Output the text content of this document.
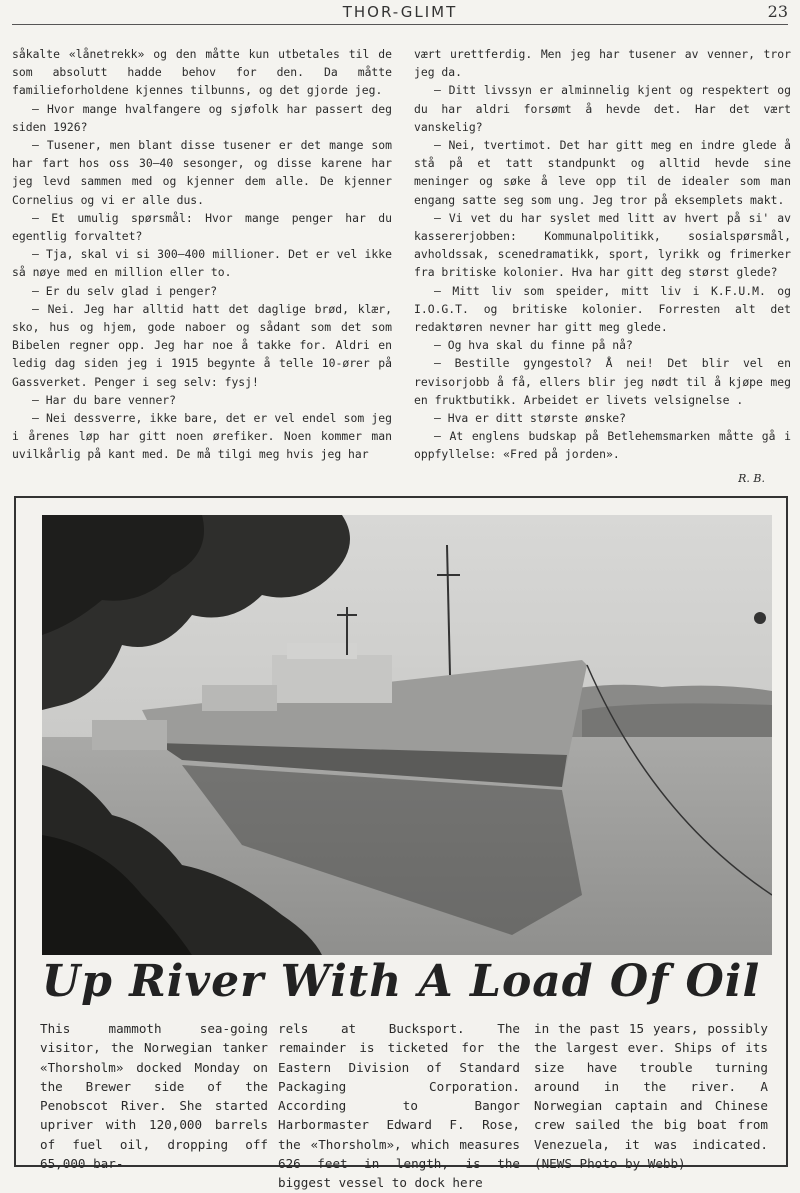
THOR-GLIMT	23

såkalte «lånetrekk» og den måtte kun utbetales til de som absolutt hadde behov for den. Da måtte familieforholdene kjennes tilbunns, og det gjorde jeg.

— Hvor mange hvalfangere og sjøfolk har passert deg siden 1926?

— Tusener, men blant disse tusener er det mange som har fart hos oss 30—40 sesonger, og disse karene har jeg levd sammen med og kjenner dem alle. De kjenner Cornelius og vi er alle dus.

— Et umulig spørsmål: Hvor mange penger har du egentlig forvaltet?

— Tja, skal vi si 300—400 millioner. Det er vel ikke så nøye med en million eller to.

— Er du selv glad i penger?

— Nei. Jeg har alltid hatt det daglige brød, klær, sko, hus og hjem, gode naboer og sådant som det som Bibelen regner opp. Jeg har noe å takke for. Aldri en ledig dag siden jeg i 1915 begynte å telle 10-ører på Gassverket. Penger i seg selv: fysj!

— Har du bare venner?

— Nei dessverre, ikke bare, det er vel endel som jeg i årenes løp har gitt noen ørefiker. Noen kommer man uvilkårlig på kant med. De må tilgi meg hvis jeg har

vært urettferdig. Men jeg har tusener av venner, tror jeg da.

— Ditt livssyn er alminnelig kjent og respektert og du har aldri forsømt å hevde det. Har det vært vanskelig?

— Nei, tvertimot. Det har gitt meg en indre glede å stå på et tatt standpunkt og alltid hevde sine meninger og søke å leve opp til de idealer som man engang satte seg som ung. Jeg tror på eksemplets makt.

— Vi vet du har syslet med litt av hvert på si' av kassererjobben: Kommunalpolitikk, sosialspørsmål, avholdssak, scenedramatikk, sport, lyrikk og frimerker fra britiske kolonier. Hva har gitt deg størst glede?

— Mitt liv som speider, mitt liv i K.F.U.M. og I.O.G.T. og britiske kolonier. Forresten alt det redaktøren nevner har gitt meg glede.

— Og hva skal du finne på nå?

— Bestille gyngestol? Å nei! Det blir vel en revisorjobb å få, ellers blir jeg nødt til å kjøpe meg en fruktbutikk. Arbeidet er livets velsignelse .

— Hva er ditt største ønske?

— At englens budskap på Betlehemsmarken måtte gå i oppfyllelse: «Fred på jorden».

R. B.

Up River With A Load Of Oil

This mammoth sea-going visitor, the Norwegian tanker «Thorsholm» docked Monday on the Brewer side of the Penobscot River. She started upriver with 120,000 barrels of fuel oil, dropping off 65,000 bar-

rels at Bucksport. The remainder is ticketed for the Eastern Division of Standard Packaging Corporation. According to Bangor Harbormaster Edward F. Rose, the «Thorsholm», which measures 626 feet in length, is the biggest vessel to dock here

in the past 15 years, possibly the largest ever. Ships of its size have trouble turning around in the river. A Norwegian captain and Chinese crew sailed the big boat from Venezuela, it was indicated. (NEWS Photo by Webb)
